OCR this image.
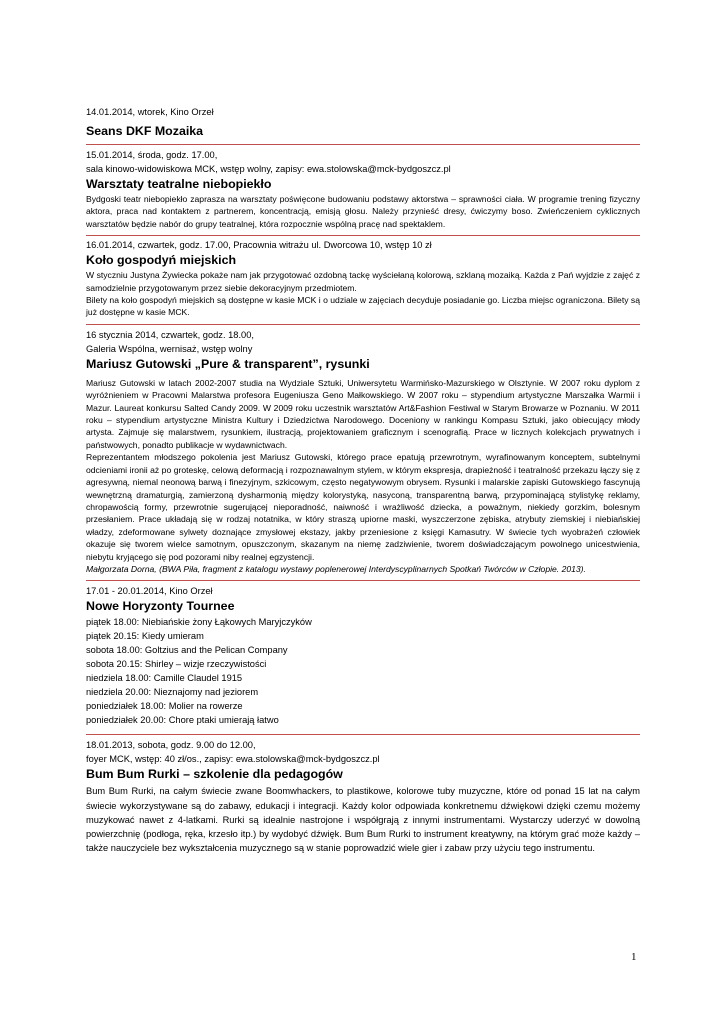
14.01.2014, wtorek, Kino Orzeł
Seans DKF Mozaika
15.01.2014, środa, godz. 17.00,
sala kinowo-widowiskowa MCK, wstęp wolny, zapisy: ewa.stolowska@mck-bydgoszcz.pl
Warsztaty teatralne niebopiekło
Bydgoski teatr niebopiekło zaprasza na warsztaty poświęcone budowaniu podstawy aktorstwa – sprawności ciała. W programie trening fizyczny aktora, praca nad kontaktem z partnerem, koncentracją, emisją głosu. Należy przynieść dresy, ćwiczymy boso. Zwieńczeniem cyklicznych warsztatów będzie nabór do grupy teatralnej, która rozpocznie wspólną pracę nad spektaklem.
16.01.2014, czwartek, godz. 17.00, Pracownia witrażu ul. Dworcowa 10, wstęp 10 zł
Koło gospodyń miejskich
W styczniu Justyna Żywiecka pokaże nam jak przygotować ozdobną tackę wyściełaną kolorową, szklaną mozaiką. Każda z Pań wyjdzie z zajęć z samodzielnie przygotowanym przez siebie dekoracyjnym przedmiotem.
Bilety na koło gospodyń miejskich są dostępne w kasie MCK i o udziale w zajęciach decyduje posiadanie go. Liczba miejsc ograniczona. Bilety są już dostępne w kasie MCK.
16 stycznia 2014, czwartek, godz. 18.00,
Galeria Wspólna, wernisaż, wstęp wolny
Mariusz Gutowski „Pure & transparent”, rysunki
Mariusz Gutowski w latach 2002-2007 studia na Wydziale Sztuki, Uniwersytetu Warmińsko-Mazurskiego w Olsztynie. W 2007 roku dyplom z wyróżnieniem w Pracowni Malarstwa profesora Eugeniusza Geno Małkowskiego. W 2007 roku – stypendium artystyczne Marszałka Warmii i Mazur. Laureat konkursu Salted Candy 2009. W 2009 roku uczestnik warsztatów Art&Fashion Festiwal w Starym Browarze w Poznaniu. W 2011 roku – stypendium artystyczne Ministra Kultury i Dziedzictwa Narodowego. Doceniony w rankingu Kompasu Sztuki, jako obiecujący młody artysta. Zajmuje się malarstwem, rysunkiem, ilustracją, projektowaniem graficznym i scenografią. Prace w licznych kolekcjach prywatnych i państwowych, ponadto publikacje w wydawnictwach.
Reprezentantem młodszego pokolenia jest Mariusz Gutowski, którego prace epatują przewrotnym, wyrafinowanym konceptem, subtelnymi odcieniami ironii aż po groteskę, celową deformacją i rozpoznawalnym stylem, w którym ekspresja, drapieżność i teatralność przekazu łączy się z agresywną, niemal neonową barwą i finezyjnym, szkicowym, często negatywowym obrysem. Rysunki i malarskie zapiski Gutowskiego fascynują wewnętrzną dramaturgią, zamierzoną dysharmonią między kolorystyką, nasyconą, transparentną barwą, przypominającą stylistykę reklamy, chropawością formy, przewrotnie sugerującej nieporadność, naiwność i wrażliwość dziecka, a poważnym, niekiedy gorzkim, bolesnym przesłaniem. Prace układają się w rodzaj notatnika, w który straszą upiorne maski, wyszczerzone zębiska, atrybuty ziemskiej i niebiańskiej władzy, zdeformowane sylwety doznające zmysłowej ekstazy, jakby przeniesione z księgi Kamasutry. W świecie tych wyobrażeń człowiek okazuje się tworem wielce samotnym, opuszczonym, skazanym na niemę zadziwienie, tworem doświadczającym powolnego unicestwienia, niebytu kryjącego się pod pozorami niby realnej egzystencji.
Małgorzata Dorna, (BWA Piła, fragment z katalogu wystawy poplenerowej Interdyscyplinarnych Spotkań Twórców w Człopie. 2013).
17.01 - 20.01.2014, Kino Orzeł
Nowe Horyzonty Tournee
piątek 18.00: Niebiańskie żony Łąkowych Maryjczyków
piątek 20.15: Kiedy umieram
sobota 18.00: Goltzius and the Pelican Company
sobota 20.15: Shirley – wizje rzeczywistości
niedziela 18.00: Camille Claudel 1915
niedziela 20.00: Nieznajomy nad jeziorem
poniedziałek 18.00: Molier na rowerze
poniedziałek 20.00: Chore ptaki umierają łatwo
18.01.2013, sobota, godz. 9.00 do 12.00,
foyer MCK, wstęp: 40 zł/os., zapisy: ewa.stolowska@mck-bydgoszcz.pl
Bum Bum Rurki – szkolenie dla pedagogów
Bum Bum Rurki, na całym świecie zwane Boomwhackers, to plastikowe, kolorowe tuby muzyczne, które od ponad 15 lat na całym świecie wykorzystywane są do zabawy, edukacji i integracji. Każdy kolor odpowiada konkretnemu dźwiękowi dzięki czemu możemy muzykować nawet z 4-latkami. Rurki są idealnie nastrojone i współgrają z innymi instrumentami. Wystarczy uderzyć w dowolną powierzchnię (podłoga, ręka, krzesło itp.) by wydobyć dźwięk. Bum Bum Rurki to instrument kreatywny, na którym grać może każdy – także nauczyciele bez wykształcenia muzycznego są w stanie poprowadzić wiele gier i zabaw przy użyciu tego instrumentu.
1
